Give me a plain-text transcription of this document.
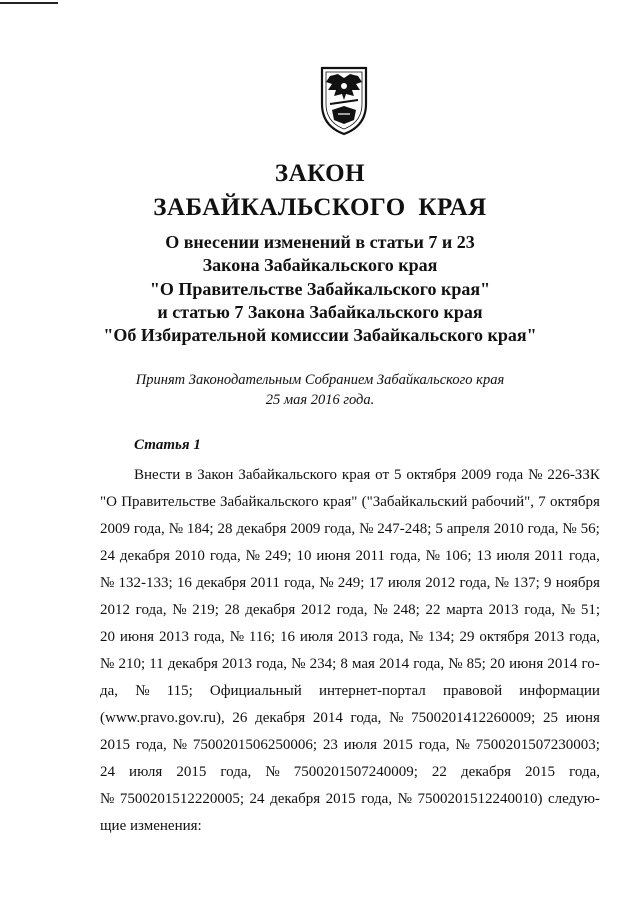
ЗАКОН
ЗАБАЙКАЛЬСКОГО КРАЯ
О внесении изменений в статьи 7 и 23
Закона Забайкальского края
"О Правительстве Забайкальского края"
и статью 7 Закона Забайкальского края
"Об Избирательной комиссии Забайкальского края"
Принят Законодательным Собранием Забайкальского края
25 мая 2016 года.
Статья 1
Внести в Закон Забайкальского края от 5 октября 2009 года № 226-ЗЗК
"О Правительстве Забайкальского края" ("Забайкальский рабочий", 7 октября
2009 года, № 184; 28 декабря 2009 года, № 247-248; 5 апреля 2010 года, № 56;
24 декабря 2010 года, № 249; 10 июня 2011 года, № 106; 13 июля 2011 года,
№ 132-133; 16 декабря 2011 года, № 249; 17 июля 2012 года, № 137; 9 ноября
2012 года, № 219; 28 декабря 2012 года, № 248; 22 марта 2013 года, № 51;
20 июня 2013 года, № 116; 16 июля 2013 года, № 134; 29 октября 2013 года,
№ 210; 11 декабря 2013 года, № 234; 8 мая 2014 года, № 85; 20 июня 2014 го-
да, № 115; Официальный интернет-портал правовой информации
(www.pravo.gov.ru), 26 декабря 2014 года, № 7500201412260009; 25 июня
2015 года, № 7500201506250006; 23 июля 2015 года, № 7500201507230003;
24 июля 2015 года, № 7500201507240009; 22 декабря 2015 года,
№ 7500201512220005; 24 декабря 2015 года, № 7500201512240010) следую-
щие изменения:
